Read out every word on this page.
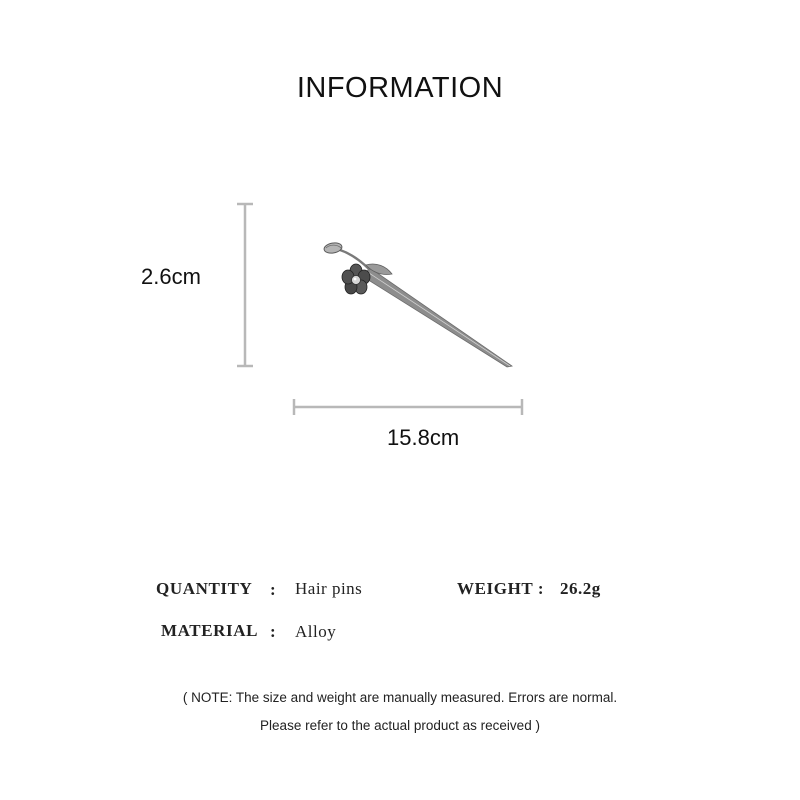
INFORMATION
2.6cm
15.8cm
QUANTITY : Hair pins	WEIGHT : 26.2g
MATERIAL : Alloy
( NOTE: The size and weight are manually measured. Errors are normal.
Please refer to the actual product as received )
